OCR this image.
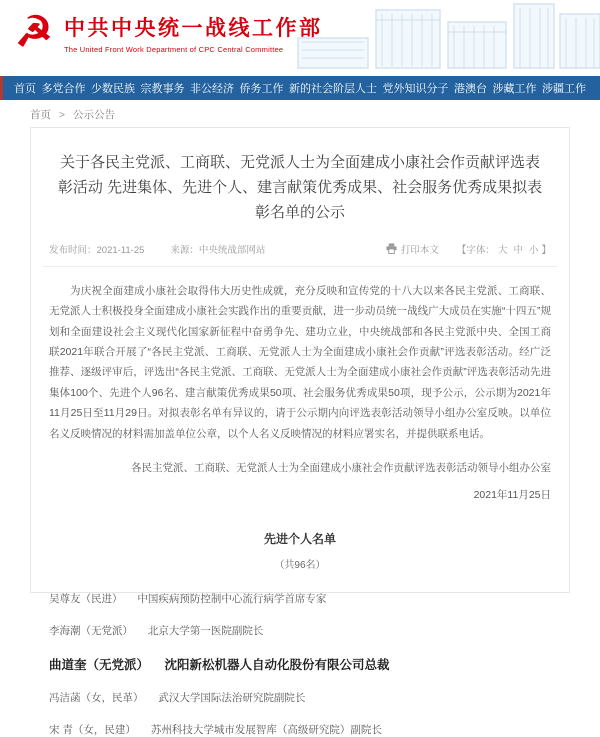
☭ 中共中央统一战线工作部
The United Front Work Department of CPC Central Committee
首页 多党合作 少数民族 宗教事务 非公经济 侨务工作 新的社会阶层人士 党外知识分子 港澳台 涉藏工作 涉疆工作
首页 > 公示公告
关于各民主党派、工商联、无党派人士为全面建成小康社会作贡献评选表彰活动 先进集体、先进个人、建言献策优秀成果、社会服务优秀成果拟表彰名单的公示
发布时间：2021-11-25	来源：中央统战部网站	打印本文 【字体： 大 中 小 】
为庆祝全面建成小康社会取得伟大历史性成就，充分反映和宣传党的十八大以来各民主党派、工商联、无党派人士积极投身全面建成小康社会实践作出的重要贡献，进一步动员统一战线广大成员在实施“十四五”规划和全面建设社会主义现代化国家新征程中奋勇争先、建功立业，中央统战部和各民主党派中央、全国工商联2021年联合开展了“各民主党派、工商联、无党派人士为全面建成小康社会作贡献”评选表彰活动。经广泛推荐、逐级评审后，评选出“各民主党派、工商联、无党派人士为全面建成小康社会作贡献”评选表彰活动先进集体100个、先进个人96名、建言献策优秀成果50项、社会服务优秀成果50项，现予公示，公示期为2021年11月25日至11月29日。对拟表彰名单有异议的，请于公示期内向评选表彰活动领导小组办公室反映。以单位名义反映情况的材料需加盖单位公章，以个人名义反映情况的材料应署实名，并提供联系电话。
各民主党派、工商联、无党派人士为全面建成小康社会作贡献评选表彰活动领导小组办公室
2021年11月25日
先进个人名单
（共96名）
吴尊友（民进） 中国疾病预防控制中心流行病学首席专家
李海潮（无党派） 北京大学第一医院副院长
曲道奎（无党派） 沈阳新松机器人自动化股份有限公司总裁
冯洁菡（女，民革） 武汉大学国际法治研究院副院长
宋 青（女，民建） 苏州科技大学城市发展智库（高级研究院）副院长
